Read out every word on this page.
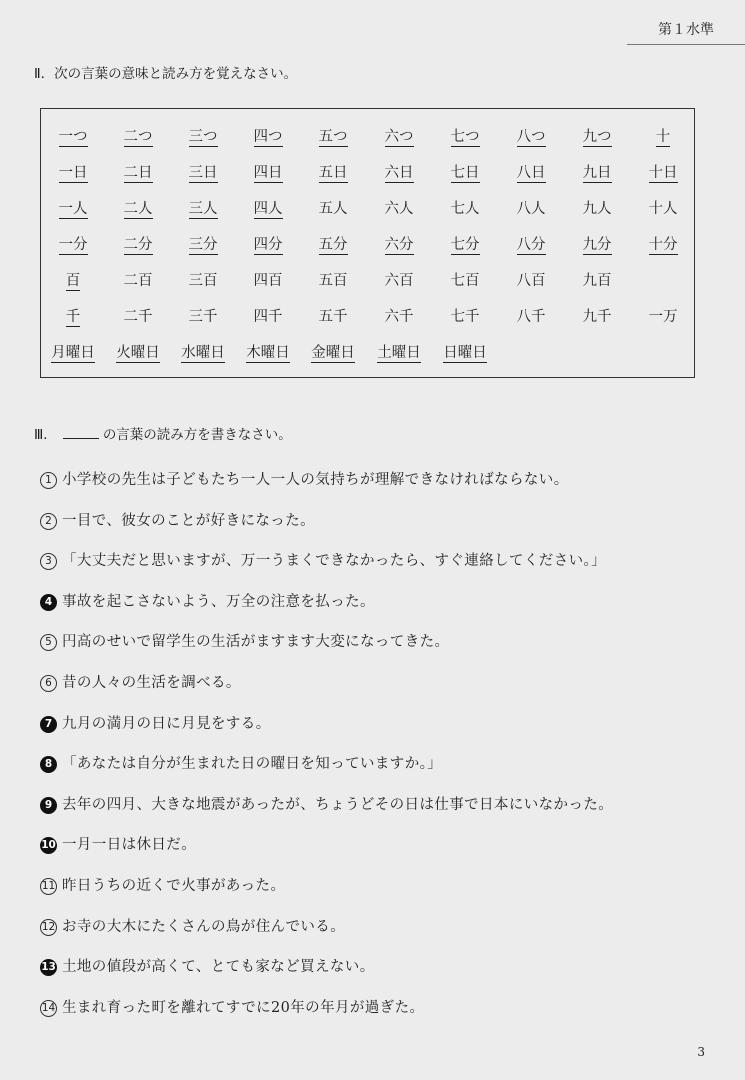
第１水準
Ⅱ．次の言葉の意味と読み方を覚えなさい。
一つ	二つ	三つ	四つ	五つ	六つ	七つ	八つ	九つ	十
一日	二日	三日	四日	五日	六日	七日	八日	九日	十日
一人	二人	三人	四人	五人	六人	七人	八人	九人	十人
一分	二分	三分	四分	五分	六分	七分	八分	九分	十分
百	二百	三百	四百	五百	六百	七百	八百	九百
千	二千	三千	四千	五千	六千	七千	八千	九千	一万
月曜日	火曜日	水曜日	木曜日	金曜日	土曜日	日曜日
Ⅲ．	の言葉の読み方を書きなさい。
1 小学校の先生は子どもたち一人一人の気持ちが理解できなければならない。
2 一目で、彼女のことが好きになった。
3 「大丈夫だと思いますが、万一うまくできなかったら、すぐ連絡してください。」
4 事故を起こさないよう、万全の注意を払った。
5 円高のせいで留学生の生活がますます大変になってきた。
6 昔の人々の生活を調べる。
7 九月の満月の日に月見をする。
8 「あなたは自分が生まれた日の曜日を知っていますか。」
9 去年の四月、大きな地震があったが、ちょうどその日は仕事で日本にいなかった。
10 一月一日は休日だ。
11 昨日うちの近くで火事があった。
12 お寺の大木にたくさんの鳥が住んでいる。
13 土地の値段が高くて、とても家など買えない。
14 生まれ育った町を離れてすでに20年の年月が過ぎた。
3
